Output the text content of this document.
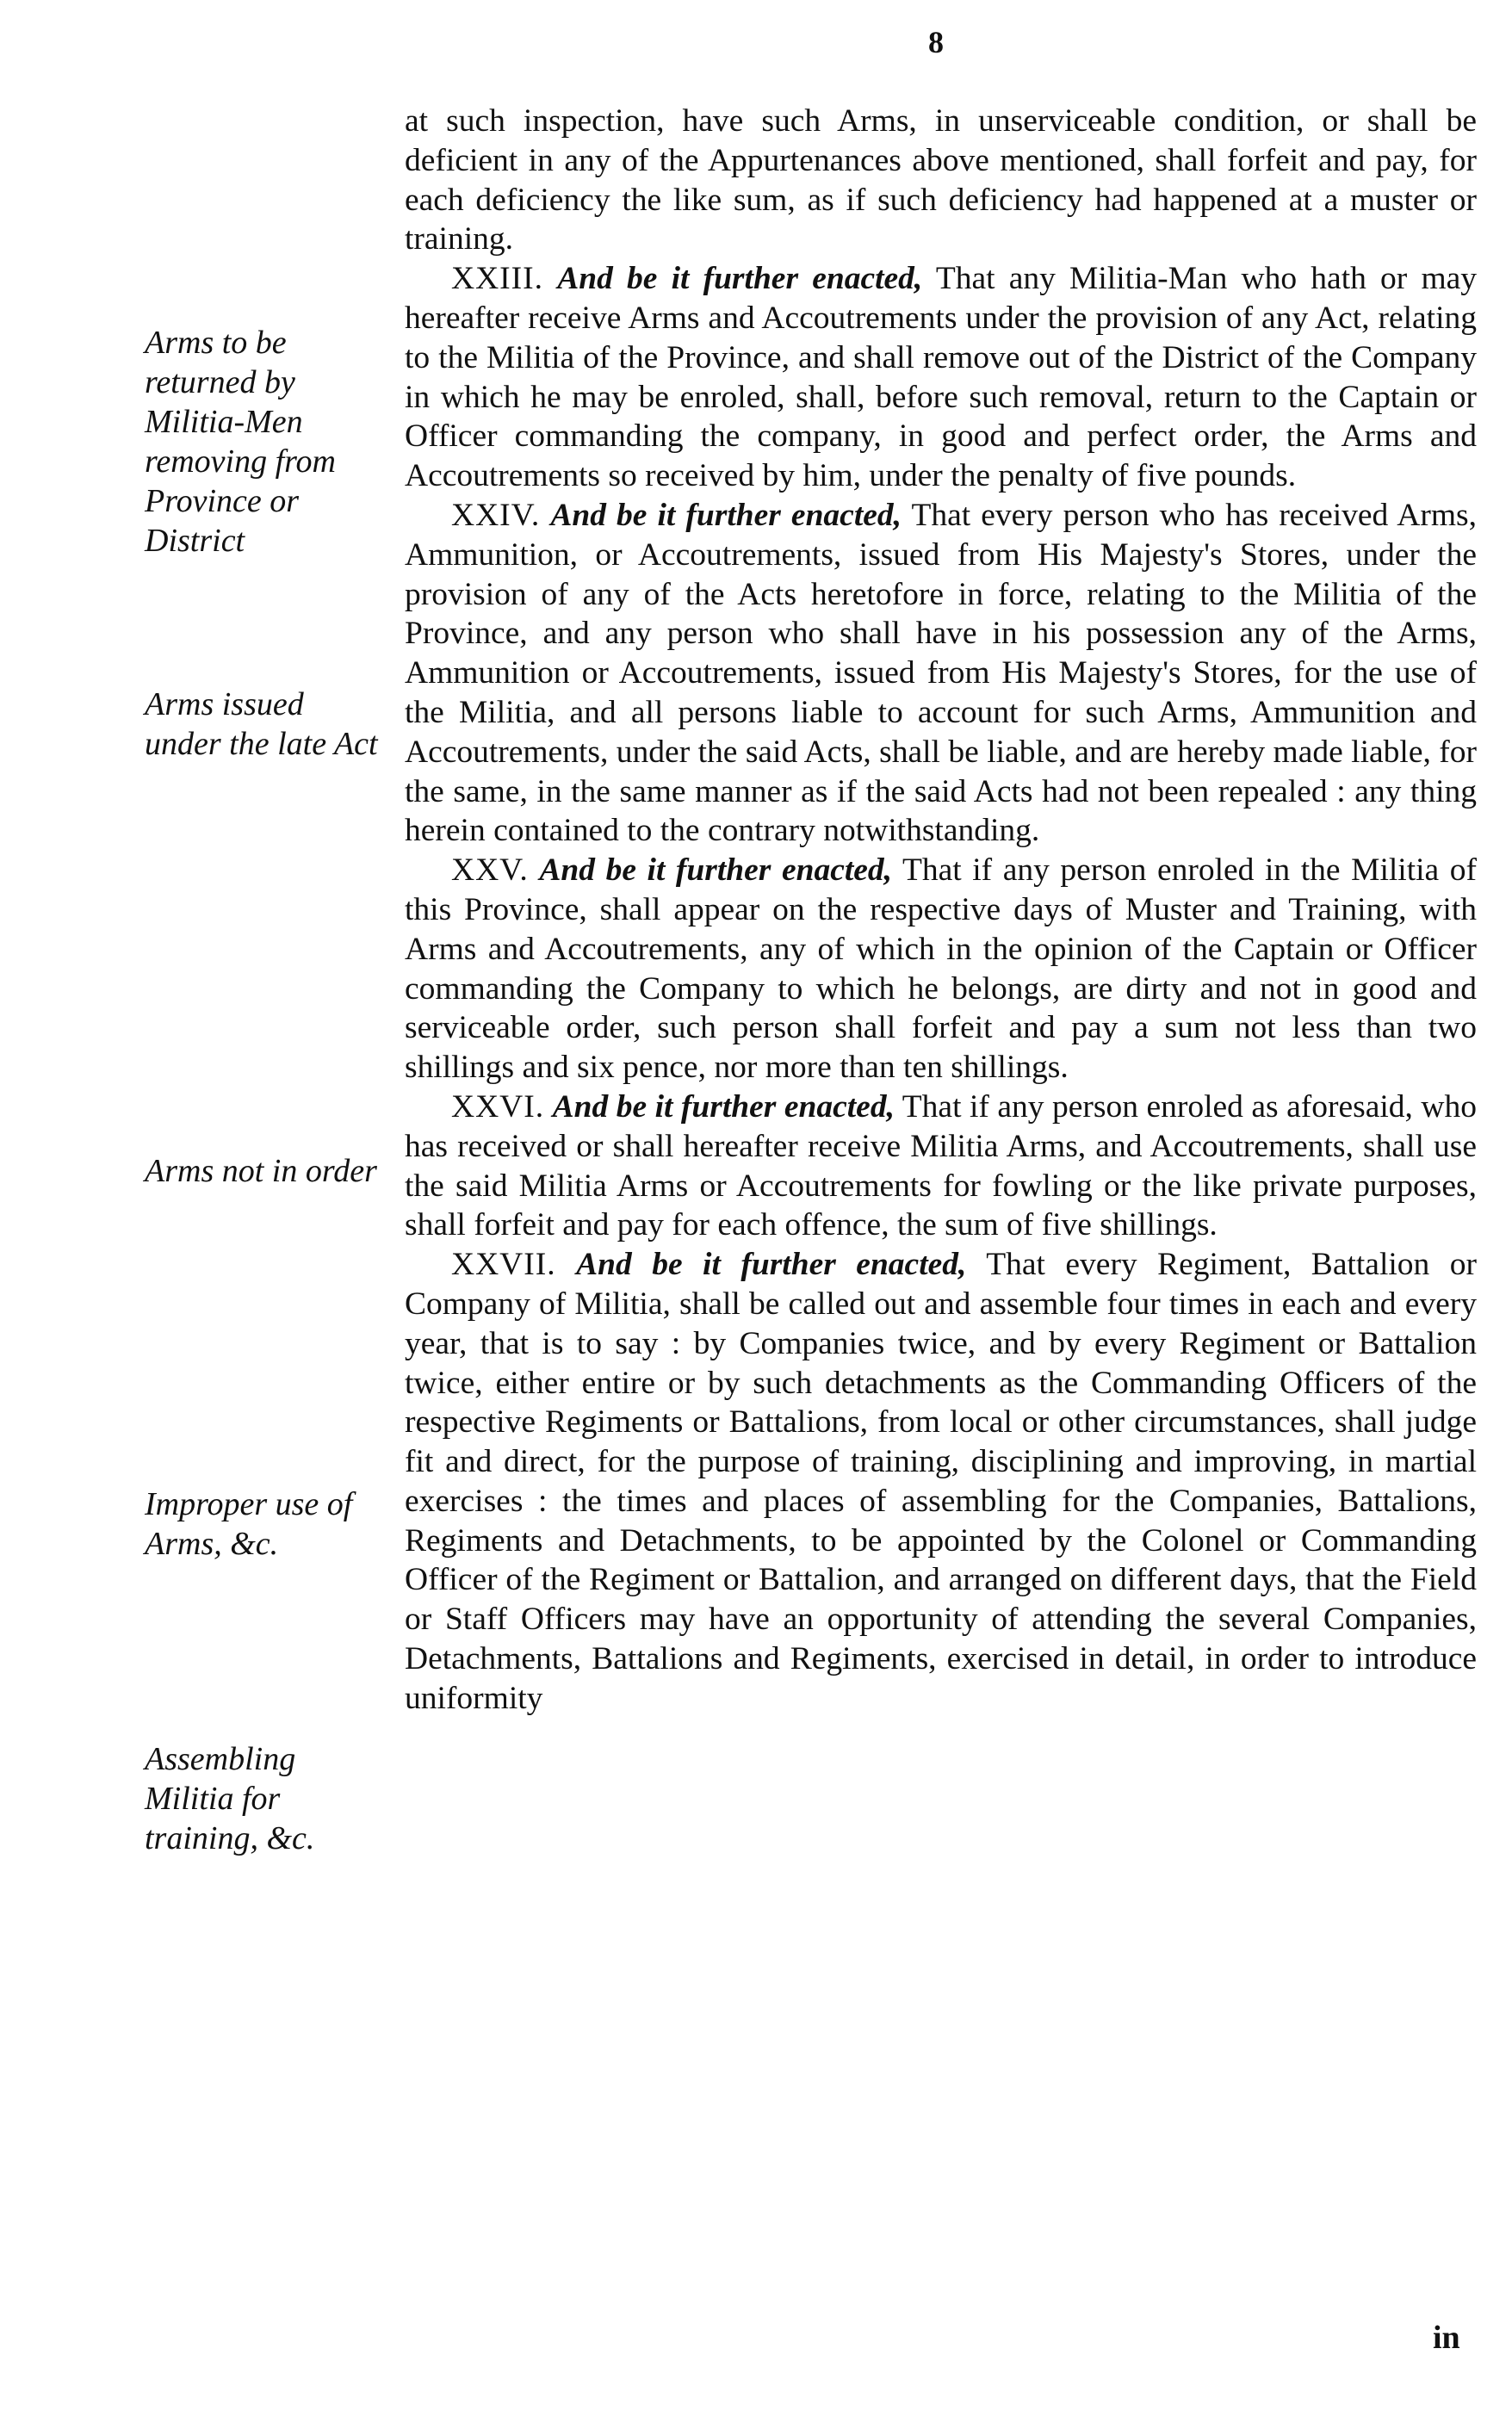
8

at such inspection, have such Arms, in unserviceable condition, or shall be deficient in any of the Appurtenances above mentioned, shall forfeit and pay, for each deficiency the like sum, as if such deficiency had happened at a muster or training.

XXIII. And be it further enacted, That any Militia-Man who hath or may hereafter receive Arms and Accoutrements under the provision of any Act, relating to the Militia of the Province, and shall remove out of the District of the Company in which he may be enroled, shall, before such removal, return to the Captain or Officer commanding the company, in good and perfect order, the Arms and Accoutrements so received by him, under the penalty of five pounds.

XXIV. And be it further enacted, That every person who has received Arms, Ammunition, or Accoutrements, issued from His Majesty's Stores, under the provision of any of the Acts heretofore in force, relating to the Militia of the Province, and any person who shall have in his possession any of the Arms, Ammunition or Accoutrements, issued from His Majesty's Stores, for the use of the Militia, and all persons liable to account for such Arms, Ammunition and Accoutrements, under the said Acts, shall be liable, and are hereby made liable, for the same, in the same manner as if the said Acts had not been repealed : any thing herein contained to the contrary notwithstanding.

XXV. And be it further enacted, That if any person enroled in the Militia of this Province, shall appear on the respective days of Muster and Training, with Arms and Accoutrements, any of which in the opinion of the Captain or Officer commanding the Company to which he belongs, are dirty and not in good and serviceable order, such person shall forfeit and pay a sum not less than two shillings and six pence, nor more than ten shillings.

XXVI. And be it further enacted, That if any person enroled as aforesaid, who has received or shall hereafter receive Militia Arms, and Accoutrements, shall use the said Militia Arms or Accoutrements for fowling or the like private purposes, shall forfeit and pay for each offence, the sum of five shillings.

XXVII. And be it further enacted, That every Regiment, Battalion or Company of Militia, shall be called out and assemble four times in each and every year, that is to say : by Companies twice, and by every Regiment or Battalion twice, either entire or by such detachments as the Commanding Officers of the respective Regiments or Battalions, from local or other circumstances, shall judge fit and direct, for the purpose of training, disciplining and improving, in martial exercises : the times and places of assembling for the Companies, Battalions, Regiments and Detachments, to be appointed by the Colonel or Commanding Officer of the Regiment or Battalion, and arranged on different days, that the Field or Staff Officers may have an opportunity of attending the several Companies, Detachments, Battalions and Regiments, exercised in detail, in order to introduce uniformity

Arms to be returned by Militia-Men removing from Province or District
Arms issued under the late Act
Arms not in order
Improper use of Arms, &c.
Assembling Militia for training, &c.
in
